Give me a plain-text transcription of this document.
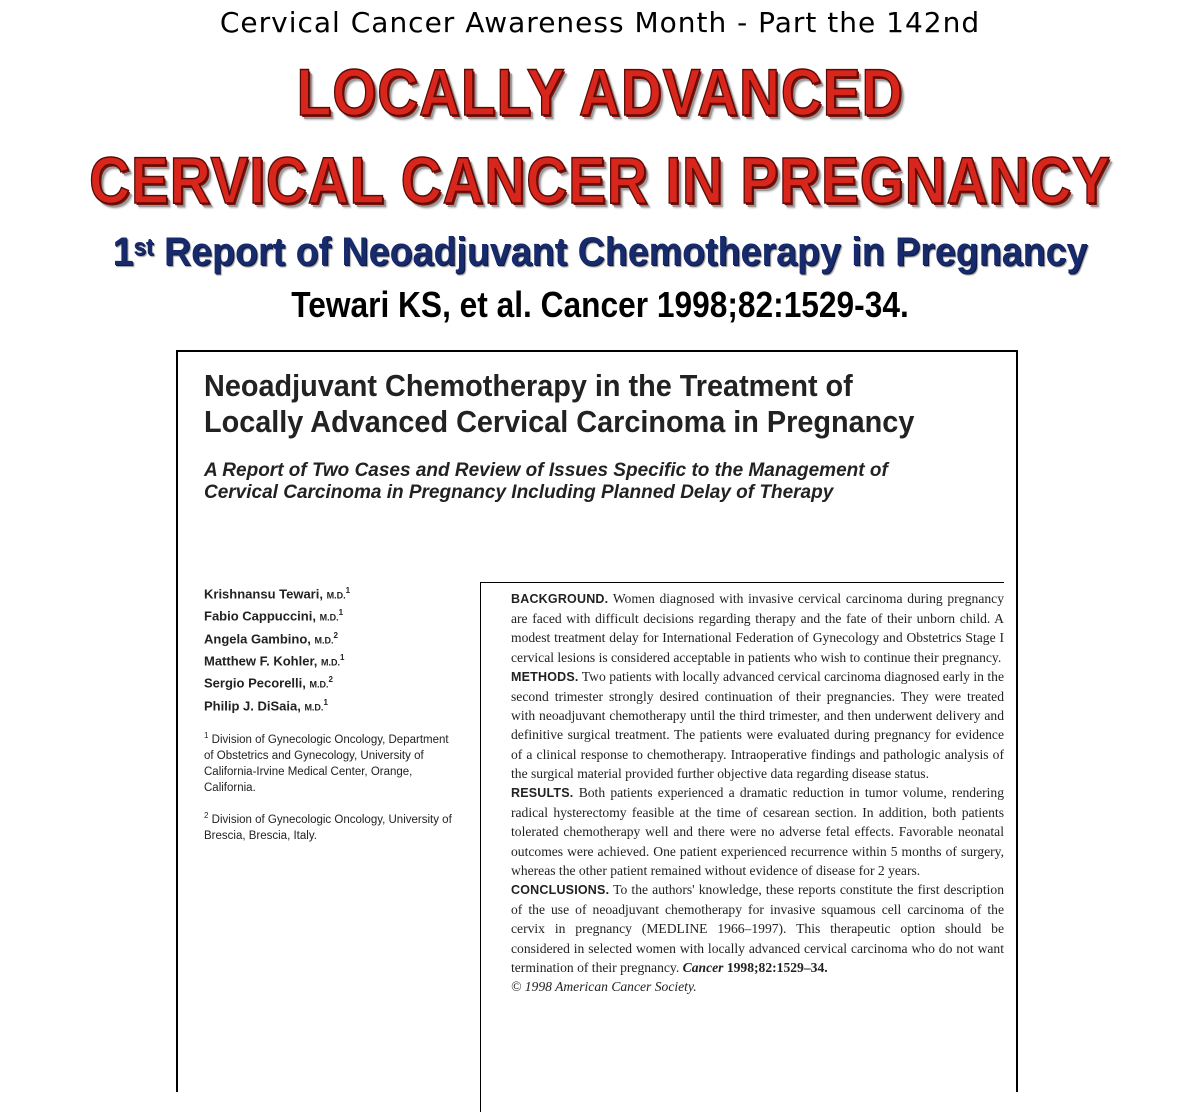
Cervical Cancer Awareness Month - Part the 142nd
LOCALLY ADVANCED
CERVICAL CANCER IN PREGNANCY
1st Report of Neoadjuvant Chemotherapy in Pregnancy
Tewari KS, et al. Cancer 1998;82:1529-34.
Neoadjuvant Chemotherapy in the Treatment of
Locally Advanced Cervical Carcinoma in Pregnancy
A Report of Two Cases and Review of Issues Specific to the Management of
Cervical Carcinoma in Pregnancy Including Planned Delay of Therapy
Krishnansu Tewari, M.D.$^1$
Fabio Cappuccini, M.D.$^1$
Angela Gambino, M.D.$^2$
Matthew F. Kohler, M.D.$^1$
Sergio Pecorelli, M.D.$^2$
Philip J. DiSaia, M.D.$^1$
$^1$ Division of Gynecologic Oncology, Department of Obstetrics and Gynecology, University of California-Irvine Medical Center, Orange, California.
$^2$ Division of Gynecologic Oncology, University of Brescia, Brescia, Italy.

BACKGROUND. Women diagnosed with invasive cervical carcinoma during pregnancy are faced with difficult decisions regarding therapy and the fate of their unborn child. A modest treatment delay for International Federation of Gynecology and Obstetrics Stage I cervical lesions is considered acceptable in patients who wish to continue their pregnancy.

METHODS. Two patients with locally advanced cervical carcinoma diagnosed early in the second trimester strongly desired continuation of their pregnancies. They were treated with neoadjuvant chemotherapy until the third trimester, and then underwent delivery and definitive surgical treatment. The patients were evaluated during pregnancy for evidence of a clinical response to chemotherapy. Intraoperative findings and pathologic analysis of the surgical material provided further objective data regarding disease status.

RESULTS. Both patients experienced a dramatic reduction in tumor volume, rendering radical hysterectomy feasible at the time of cesarean section. In addition, both patients tolerated chemotherapy well and there were no adverse fetal effects. Favorable neonatal outcomes were achieved. One patient experienced recurrence within 5 months of surgery, whereas the other patient remained without evidence of disease for 2 years.

CONCLUSIONS. To the authors' knowledge, these reports constitute the first description of the use of neoadjuvant chemotherapy for invasive squamous cell carcinoma of the cervix in pregnancy (MEDLINE 1966–1997). This therapeutic option should be considered in selected women with locally advanced cervical carcinoma who do not want termination of their pregnancy. Cancer 1998;82:1529–34.

© 1998 American Cancer Society.
